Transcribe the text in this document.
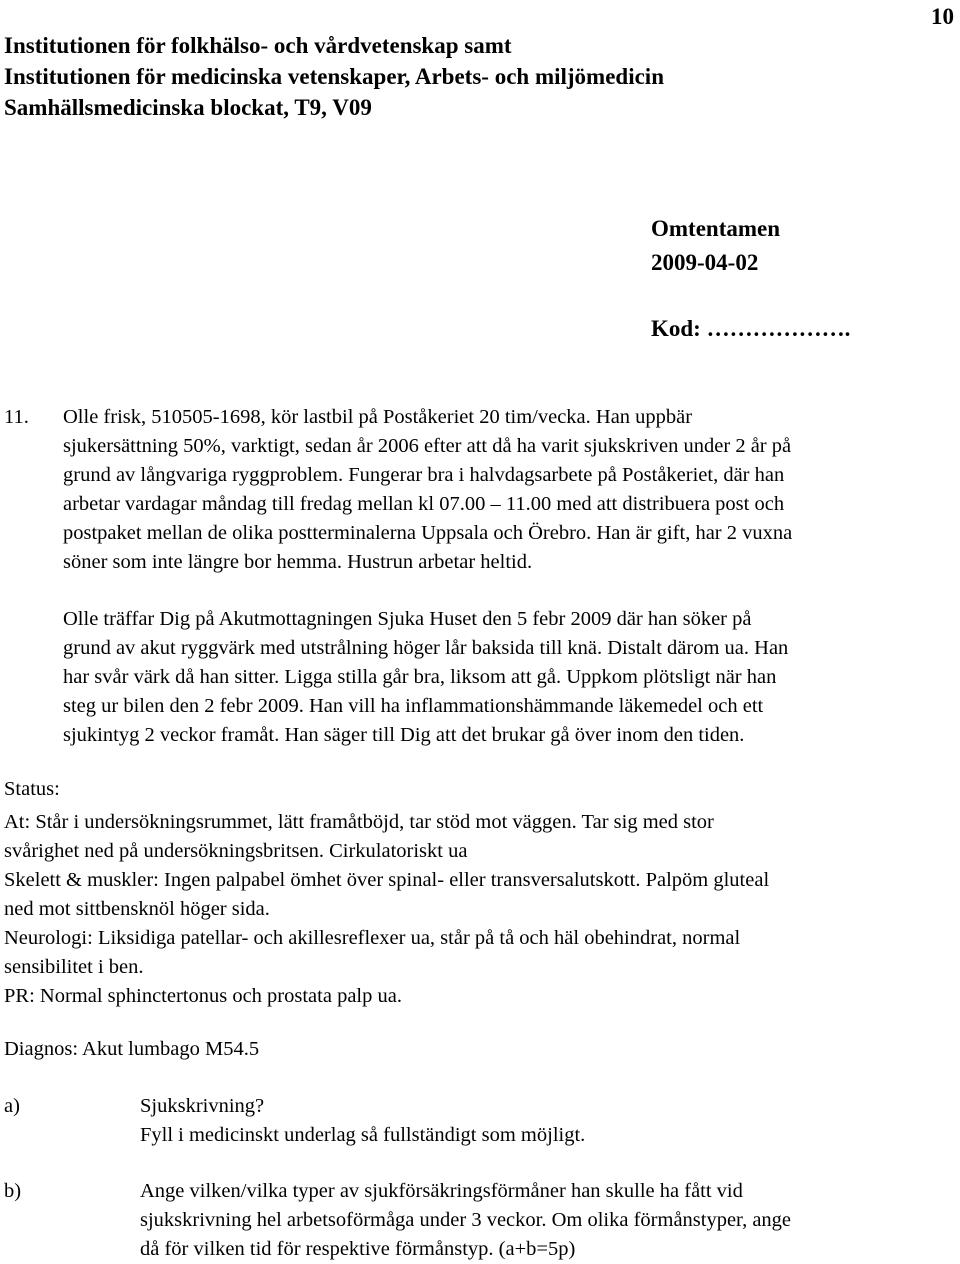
10
Institutionen för folkhälso- och vårdvetenskap samt
Institutionen för medicinska vetenskaper, Arbets- och miljömedicin
Samhällsmedicinska blockat, T9, V09
Omtentamen
2009-04-02
Kod: ……………….
11. Olle frisk, 510505-1698, kör lastbil på Poståkeriet 20 tim/vecka. Han uppbär
sjukersättning 50%, varktigt, sedan år 2006 efter att då ha varit sjukskriven under 2 år på
grund av långvariga ryggproblem. Fungerar bra i halvdagsarbete på Poståkeriet, där han
arbetar vardagar måndag till fredag mellan kl 07.00 – 11.00 med att distribuera post och
postpaket mellan de olika postterminalerna Uppsala och Örebro. Han är gift, har 2 vuxna
söner som inte längre bor hemma. Hustrun arbetar heltid.
Olle träffar Dig på Akutmottagningen Sjuka Huset den 5 febr 2009 där han söker på
grund av akut ryggvärk med utstrålning höger lår baksida till knä. Distalt därom ua. Han
har svår värk då han sitter. Ligga stilla går bra, liksom att gå. Uppkom plötsligt när han
steg ur bilen den 2 febr 2009. Han vill ha inflammationshämmande läkemedel och ett
sjukintyg 2 veckor framåt. Han säger till Dig att det brukar gå över inom den tiden.
Status:
At: Står i undersökningsrummet, lätt framåtböjd, tar stöd mot väggen. Tar sig med stor
svårighet ned på undersökningsbritsen. Cirkulatoriskt ua
Skelett & muskler: Ingen palpabel ömhet över spinal- eller transversalutskott. Palpöm gluteal
ned mot sittbensknöl höger sida.
Neurologi: Liksidiga patellar- och akillesreflexer ua, står på tå och häl obehindrat, normal
sensibilitet i ben.
PR: Normal sphinctertonus och prostata palp ua.
Diagnos: Akut lumbago M54.5
a)	Sjukskrivning?
Fyll i medicinskt underlag så fullständigt som möjligt.
b)	Ange vilken/vilka typer av sjukförsäkringsförmåner han skulle ha fått vid
sjukskrivning hel arbetsoförmåga under 3 veckor. Om olika förmånstyper, ange
då för vilken tid för respektive förmånstyp. (a+b=5p)
